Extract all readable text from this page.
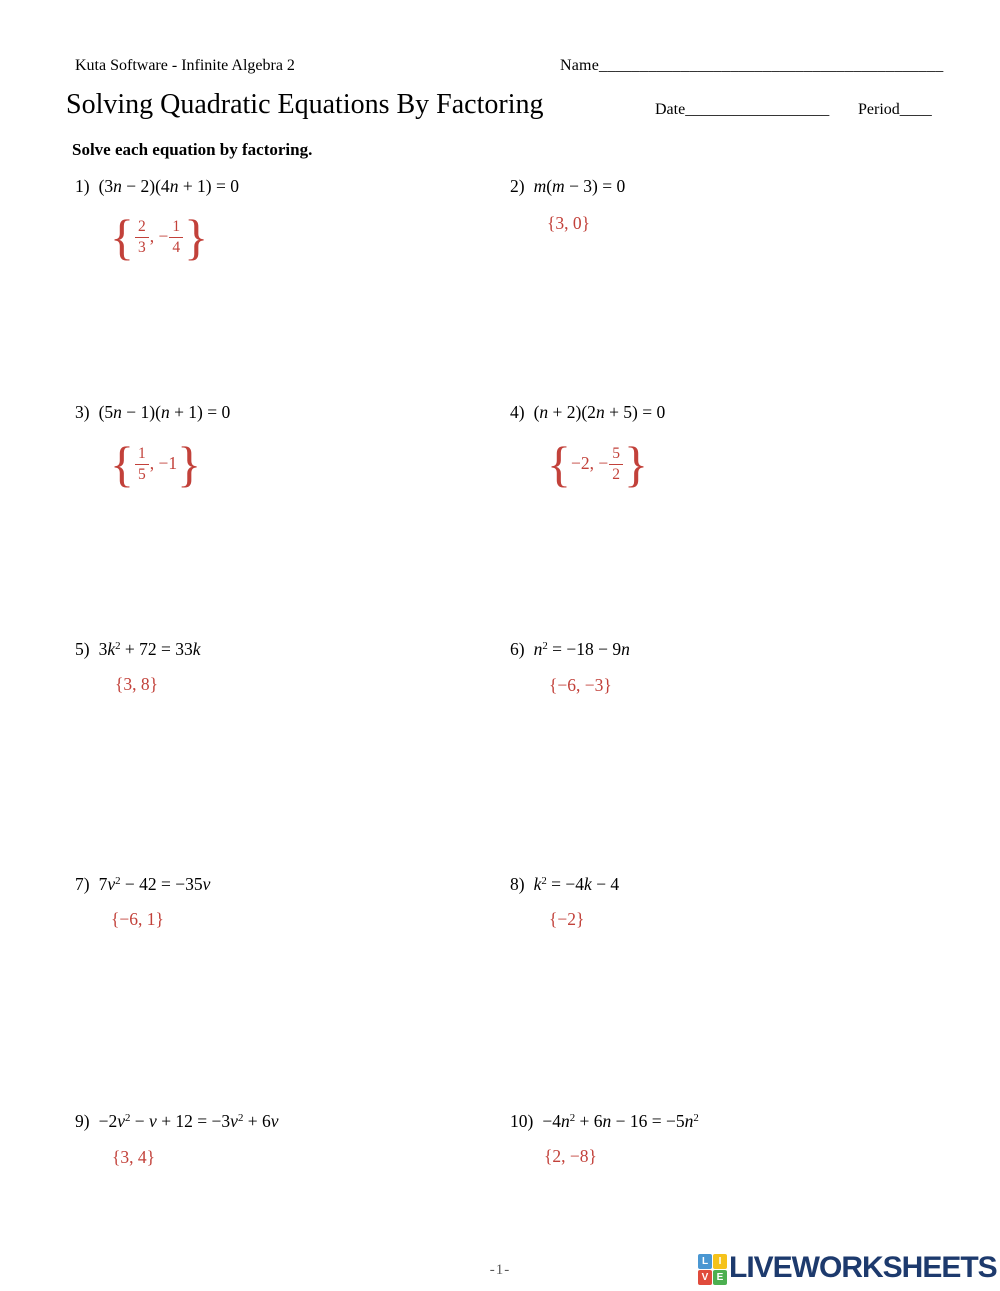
Kuta Software - Infinite Algebra 2	Name__________________________________________
Solving Quadratic Equations By Factoring	Date__________________ Period____
Solve each equation by factoring.
1) (3n − 2)(4n + 1) = 0
{ $\frac{2}{3}$ , − $\frac{1}{4}$ }
2) m(m − 3) = 0
{ 3, 0 }
3) (5n − 1)(n + 1) = 0
{ $\frac{1}{5}$ , −1 }
4) (n + 2)(2n + 5) = 0
{ −2, − $\frac{5}{2}$ }
5) $3k^2 + 72 = 33k$
{ 3, 8 }
6) $n^2 = -18 - 9n$
{ −6, −3 }
7) $7v^2 - 42 = -35v$
{ −6, 1 }
8) $k^2 = -4k - 4$
{ −2 }
$9) -2v^2 - v + 12 = -3v^2 + 6v$
{ 3, 4 }
$10) -4n^2 + 6n - 16 = -5n^2$
{ 2, −8 }
-1-
L	I
V E LIVEWORKSHEETS
